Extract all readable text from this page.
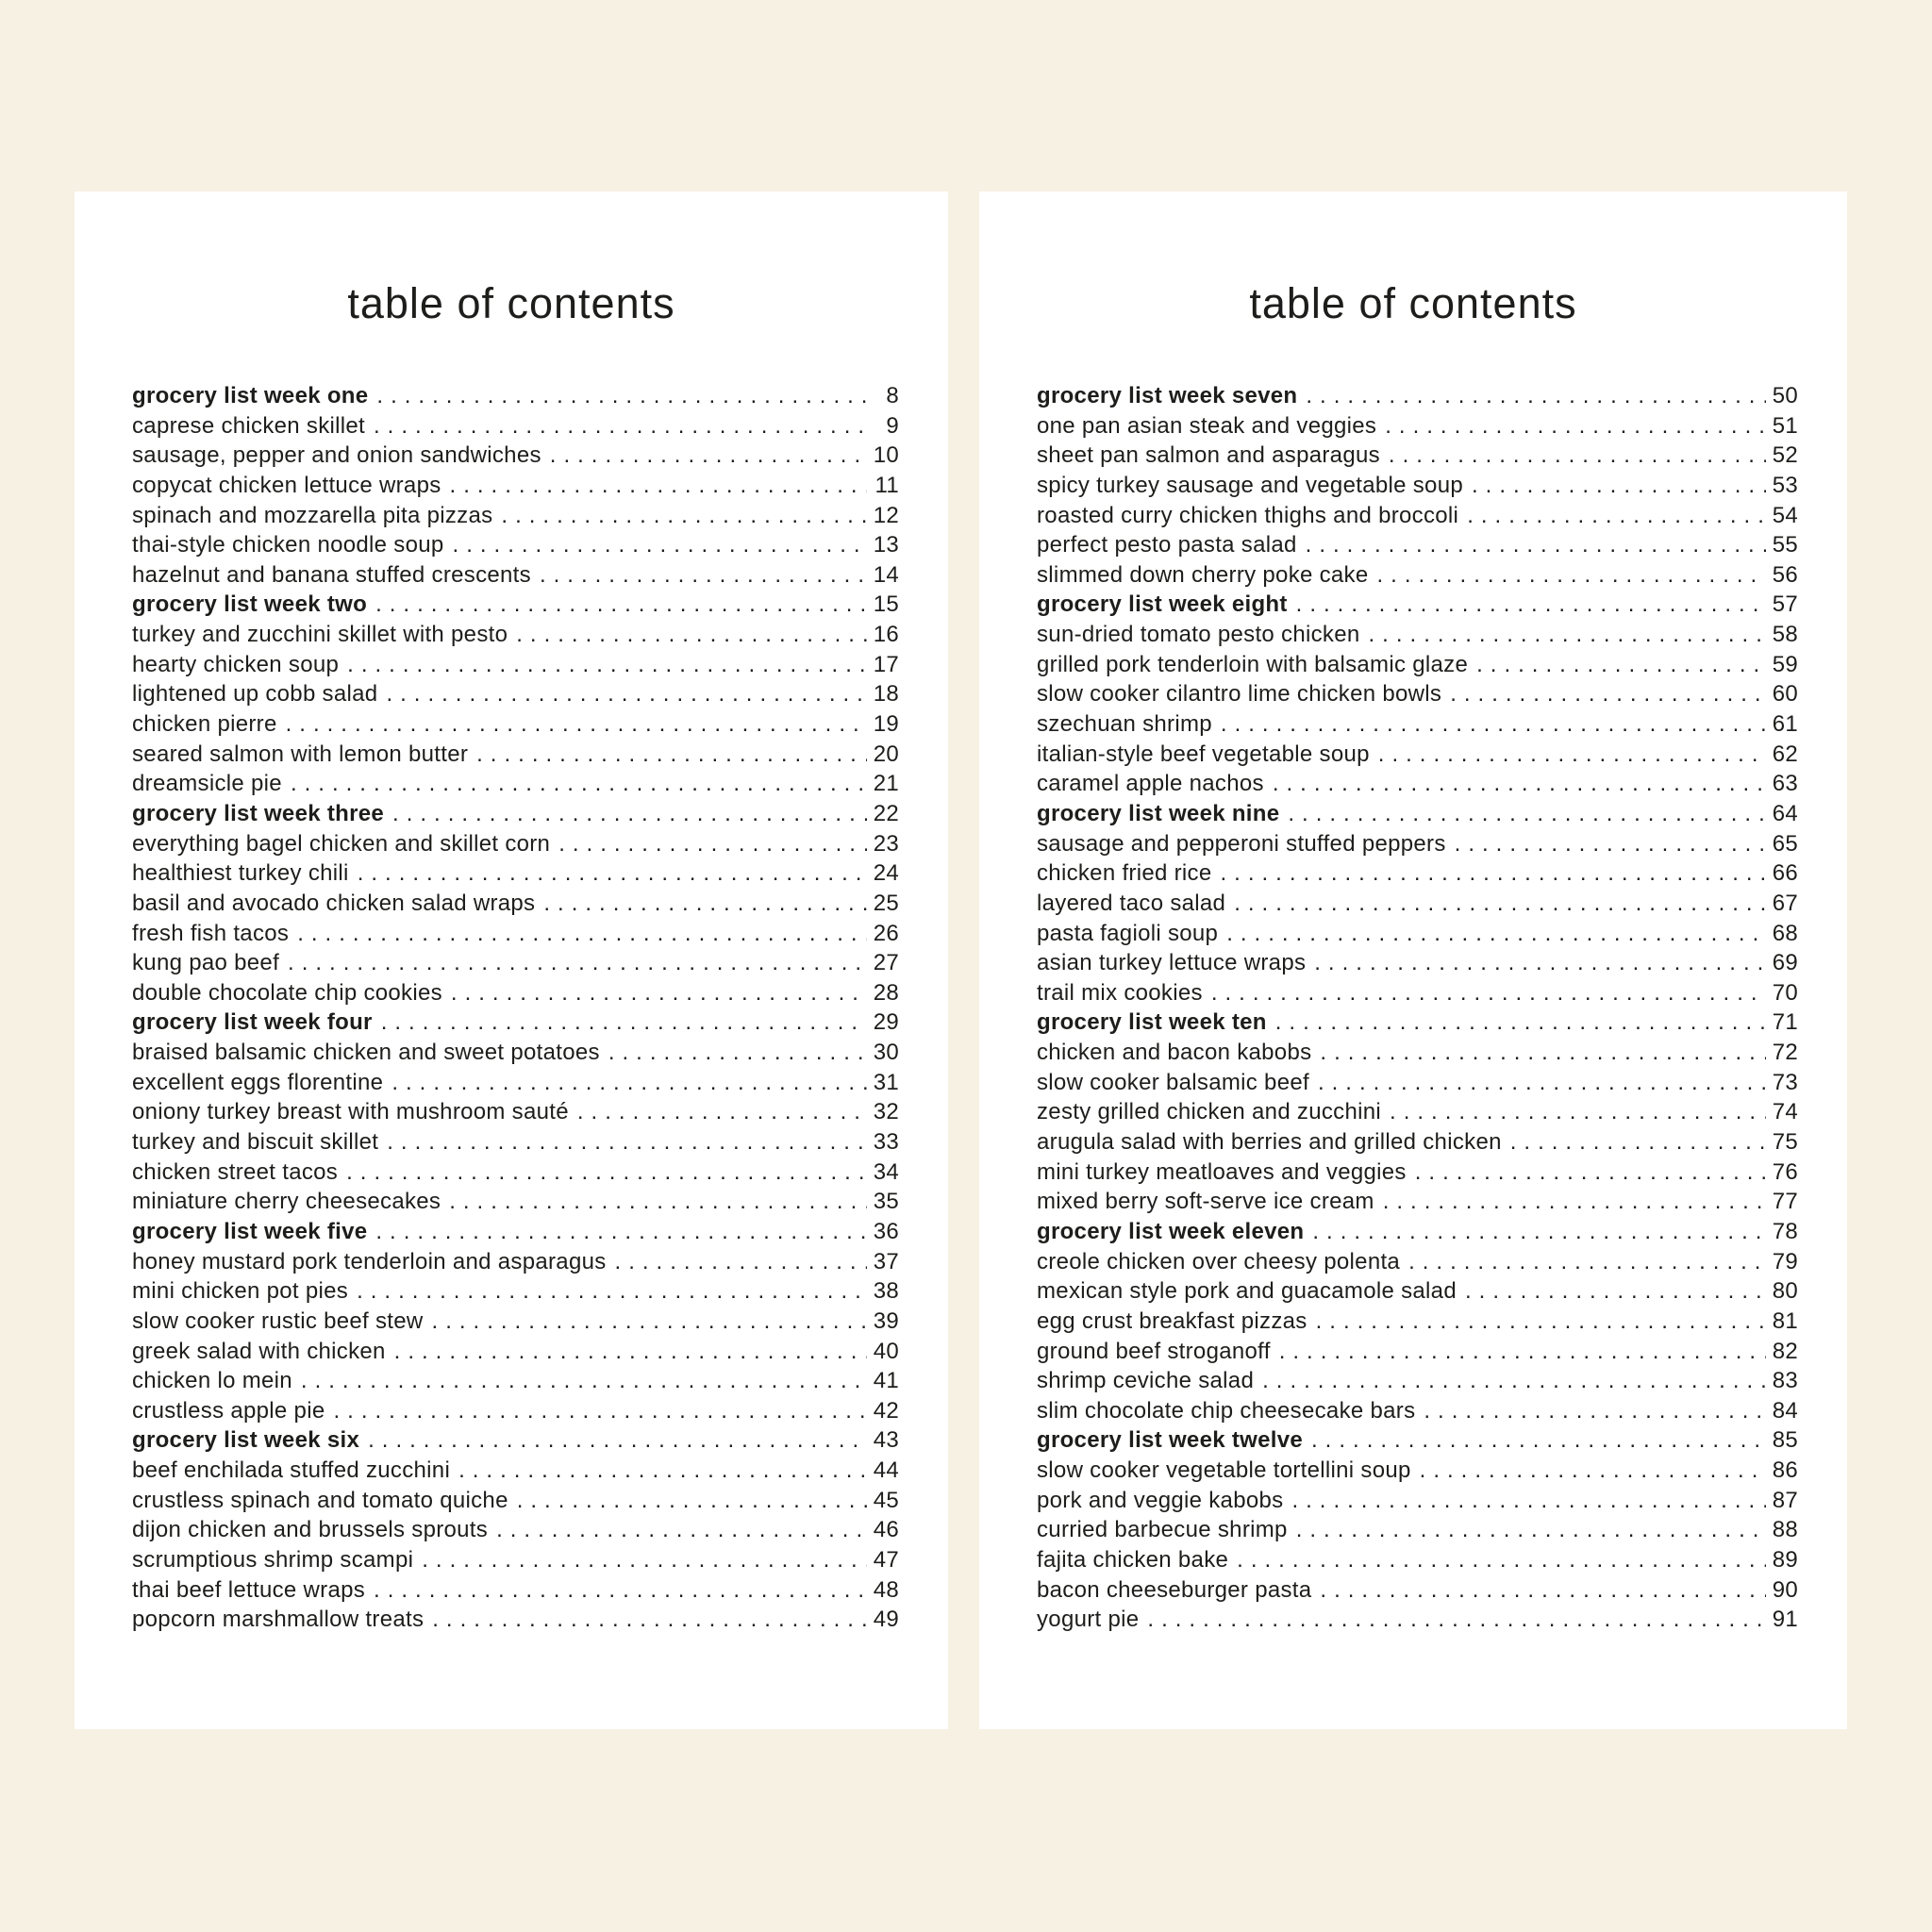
table of contents
grocery list week one .....	8
caprese chicken skillet .....	9
sausage, pepper and onion sandwiches .....	10
copycat chicken lettuce wraps .....	11
spinach and mozzarella pita pizzas .....	12
thai-style chicken noodle soup .....	13
hazelnut and banana stuffed crescents .....	14
grocery list week two .....	15
turkey and zucchini skillet with pesto .....	16
hearty chicken soup .....	17
lightened up cobb salad .....	18
chicken pierre .....	19
seared salmon with lemon butter .....	20
dreamsicle pie .....	21
grocery list week three .....	22
everything bagel chicken and skillet corn .....	23
healthiest turkey chili .....	24
basil and avocado chicken salad wraps .....	25
fresh fish tacos .....	26
kung pao beef .....	27
double chocolate chip cookies .....	28
grocery list week four .....	29
braised balsamic chicken and sweet potatoes .....	30
excellent eggs florentine .....	31
oniony turkey breast with mushroom sauté .....	32
turkey and biscuit skillet .....	33
chicken street tacos .....	34
miniature cherry cheesecakes .....	35
grocery list week five .....	36
honey mustard pork tenderloin and asparagus .....	37
mini chicken pot pies .....	38
slow cooker rustic beef stew .....	39
greek salad with chicken .....	40
chicken lo mein .....	41
crustless apple pie .....	42
grocery list week six .....	43
beef enchilada stuffed zucchini .....	44
crustless spinach and tomato quiche .....	45
dijon chicken and brussels sprouts .....	46
scrumptious shrimp scampi .....	47
thai beef lettuce wraps .....	48
popcorn marshmallow treats .....	49
table of contents
grocery list week seven .....	50
one pan asian steak and veggies .....	51
sheet pan salmon and asparagus .....	52
spicy turkey sausage and vegetable soup .....	53
roasted curry chicken thighs and broccoli .....	54
perfect pesto pasta salad .....	55
slimmed down cherry poke cake .....	56
grocery list week eight .....	57
sun-dried tomato pesto chicken .....	58
grilled pork tenderloin with balsamic glaze .....	59
slow cooker cilantro lime chicken bowls .....	60
szechuan shrimp .....	61
italian-style beef vegetable soup .....	62
caramel apple nachos .....	63
grocery list week nine .....	64
sausage and pepperoni stuffed peppers .....	65
chicken fried rice .....	66
layered taco salad .....	67
pasta fagioli soup .....	68
asian turkey lettuce wraps .....	69
trail mix cookies .....	70
grocery list week ten .....	71
chicken and bacon kabobs .....	72
slow cooker balsamic beef .....	73
zesty grilled chicken and zucchini .....	74
arugula salad with berries and grilled chicken .....	75
mini turkey meatloaves and veggies .....	76
mixed berry soft-serve ice cream .....	77
grocery list week eleven .....	78
creole chicken over cheesy polenta .....	79
mexican style pork and guacamole salad .....	80
egg crust breakfast pizzas .....	81
ground beef stroganoff .....	82
shrimp ceviche salad .....	83
slim chocolate chip cheesecake bars .....	84
grocery list week twelve .....	85
slow cooker vegetable tortellini soup .....	86
pork and veggie kabobs .....	87
curried barbecue shrimp .....	88
fajita chicken bake .....	89
bacon cheeseburger pasta .....	90
yogurt pie .....	91
